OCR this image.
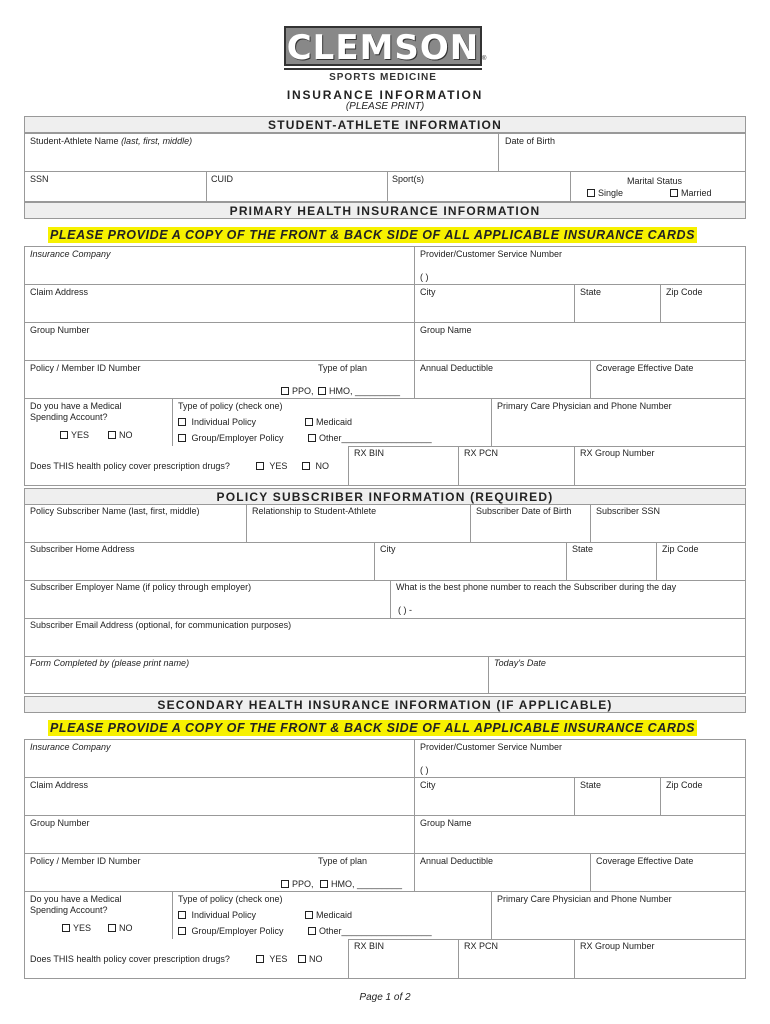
CLEMSON ®
SPORTS MEDICINE
INSURANCE INFORMATION
(PLEASE PRINT)
STUDENT-ATHLETE INFORMATION
Student-Athlete Name (last, first, middle)	Date of Birth
SSN	CUID	Sport(s)	Marital Status
Single	Married
PRIMARY HEALTH INSURANCE INFORMATION
PLEASE PROVIDE A COPY OF THE FRONT & BACK SIDE OF ALL APPLICABLE INSURANCE CARDS
Insurance Company	Provider/Customer Service Number
( )
Claim Address	City	State	Zip Code
Group Number	Group Name
Policy / Member ID Number	Type of plan	Annual Deductible	Coverage Effective Date
PPO,	HMO, _________
Do you have a Medical
Spending Account?
YES	NO
Type of policy (check one)
Individual Policy	Medicaid
Group/Employer Policy	Other__________________
Primary Care Physician and Phone Number
RX BIN	RX PCN	RX Group Number
Does THIS health policy cover prescription drugs?	YES	NO
POLICY SUBSCRIBER INFORMATION (REQUIRED)
Policy Subscriber Name (last, first, middle)	Relationship to Student-Athlete	Subscriber Date of Birth	Subscriber SSN
Subscriber Home Address	City	State	Zip Code
Subscriber Employer Name (if policy through employer)	What is the best phone number to reach the Subscriber during the day
( ) -
Subscriber Email Address (optional, for communication purposes)
Form Completed by (please print name)	Today's Date
SECONDARY HEALTH INSURANCE INFORMATION (IF APPLICABLE)
PLEASE PROVIDE A COPY OF THE FRONT & BACK SIDE OF ALL APPLICABLE INSURANCE CARDS
Insurance Company	Provider/Customer Service Number
( )
Claim Address	City	State	Zip Code
Group Number	Group Name
Policy / Member ID Number	Type of plan	Annual Deductible	Coverage Effective Date
PPO,	HMO, _________
Do you have a Medical
Spending Account?
YES	NO
Type of policy (check one)
Individual Policy	Medicaid
Group/Employer Policy	Other__________________
Primary Care Physician and Phone Number
RX BIN	RX PCN	RX Group Number
Does THIS health policy cover prescription drugs?	YES	NO
Page 1 of 2
